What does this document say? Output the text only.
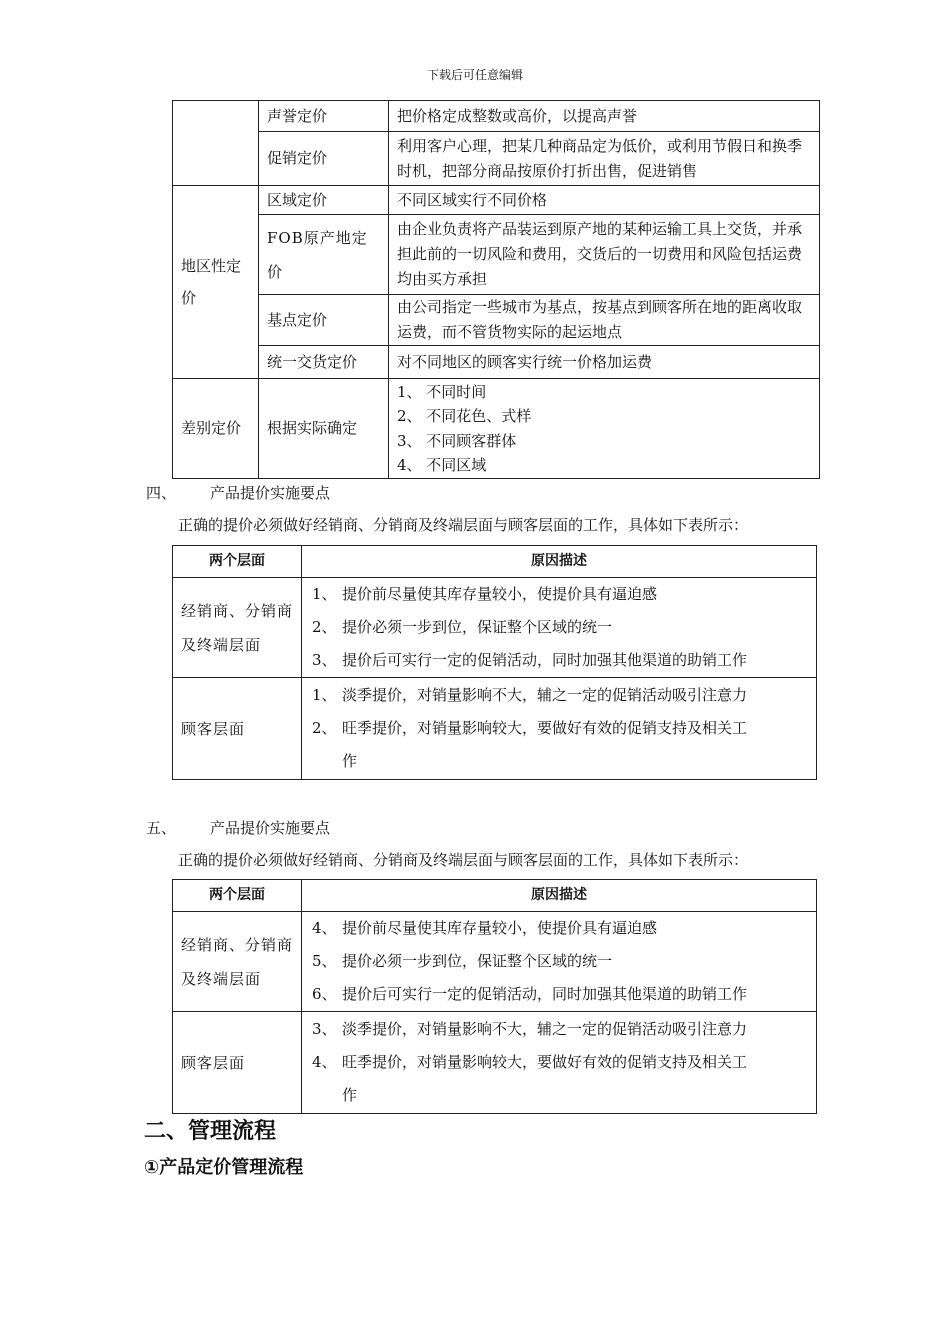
下载后可任意编辑
	声誉定价	把价格定成整数或高价，以提高声誉
	促销定价	利用客户心理，把某几种商品定为低价，或利用节假日和换季时机，把部分商品按原价打折出售，促进销售
地区性定价	区域定价	不同区域实行不同价格
	FOB原产地定价	由企业负责将产品装运到原产地的某种运输工具上交货，并承担此前的一切风险和费用，交货后的一切费用和风险包括运费均由买方承担
	基点定价	由公司指定一些城市为基点，按基点到顾客所在地的距离收取运费，而不管货物实际的起运地点
	统一交货定价	对不同地区的顾客实行统一价格加运费
差别定价	根据实际确定	1、 不同时间
2、 不同花色、式样
3、 不同顾客群体
4、 不同区域
四、 产品提价实施要点
正确的提价必须做好经销商、分销商及终端层面与顾客层面的工作，具体如下表所示：
两个层面	原因描述
经销商、分销商及终端层面	1、 提价前尽量使其库存量较小，使提价具有逼迫感
2、 提价必须一步到位，保证整个区域的统一
3、 提价后可实行一定的促销活动，同时加强其他渠道的助销工作

顾客层面	1、 淡季提价，对销量影响不大，辅之一定的促销活动吸引注意力
2、 旺季提价，对销量影响较大，要做好有效的促销支持及相关工
作
五、 产品提价实施要点
正确的提价必须做好经销商、分销商及终端层面与顾客层面的工作，具体如下表所示：
两个层面	原因描述
经销商、分销商及终端层面	4、 提价前尽量使其库存量较小，使提价具有逼迫感
5、 提价必须一步到位，保证整个区域的统一
6、 提价后可实行一定的促销活动，同时加强其他渠道的助销工作

顾客层面	3、 淡季提价，对销量影响不大，辅之一定的促销活动吸引注意力
4、 旺季提价，对销量影响较大，要做好有效的促销支持及相关工
作
二、管理流程
①产品定价管理流程
